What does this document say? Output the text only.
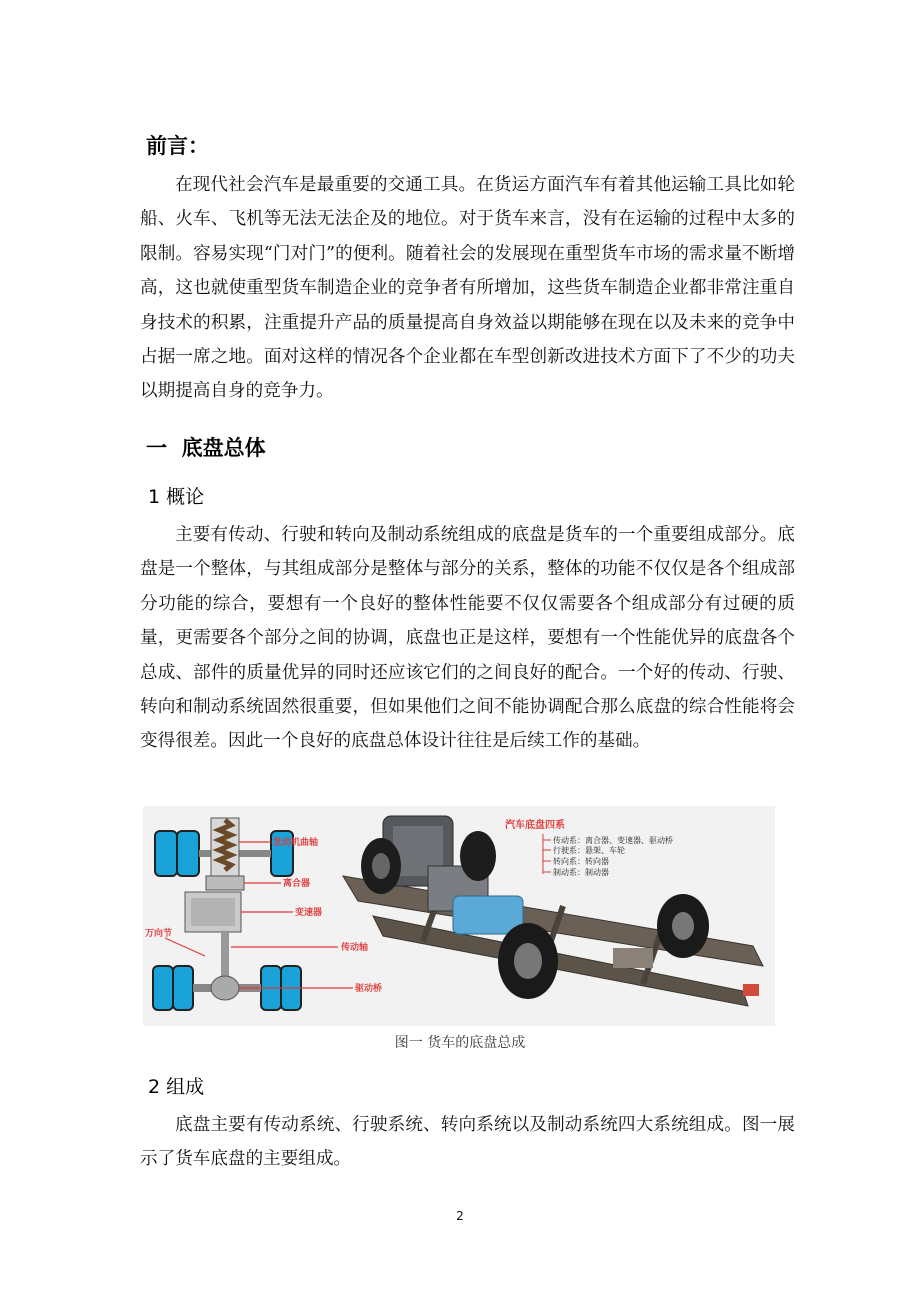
前言：

在现代社会汽车是最重要的交通工具。在货运方面汽车有着其他运输工具比如轮船、火车、飞机等无法无法企及的地位。对于货车来言，没有在运输的过程中太多的限制。容易实现“门对门”的便利。随着社会的发展现在重型货车市场的需求量不断增高，这也就使重型货车制造企业的竞争者有所增加，这些货车制造企业都非常注重自身技术的积累，注重提升产品的质量提高自身效益以期能够在现在以及未来的竞争中占据一席之地。面对这样的情况各个企业都在车型创新改进技术方面下了不少的功夫以期提高自身的竞争力。

一  底盘总体
1 概论

主要有传动、行驶和转向及制动系统组成的底盘是货车的一个重要组成部分。底盘是一个整体，与其组成部分是整体与部分的关系，整体的功能不仅仅是各个组成部分功能的综合，要想有一个良好的整体性能要不仅仅需要各个组成部分有过硬的质量，更需要各个部分之间的协调，底盘也正是这样，要想有一个性能优异的底盘各个总成、部件的质量优异的同时还应该它们的之间良好的配合。一个好的传动、行驶、转向和制动系统固然很重要，但如果他们之间不能协调配合那么底盘的综合性能将会变得很差。因此一个良好的底盘总体设计往往是后续工作的基础。

发动机曲轴
离合器
变速器
万向节
传动轴
驱动桥
汽车底盘四系
传动系：离合器、变速器、驱动桥
行驶系：悬架、车轮
转向系：转向器
制动系：制动器
图一 货车的底盘总成
2 组成

底盘主要有传动系统、行驶系统、转向系统以及制动系统四大系统组成。图一展示了货车底盘的主要组成。

2
